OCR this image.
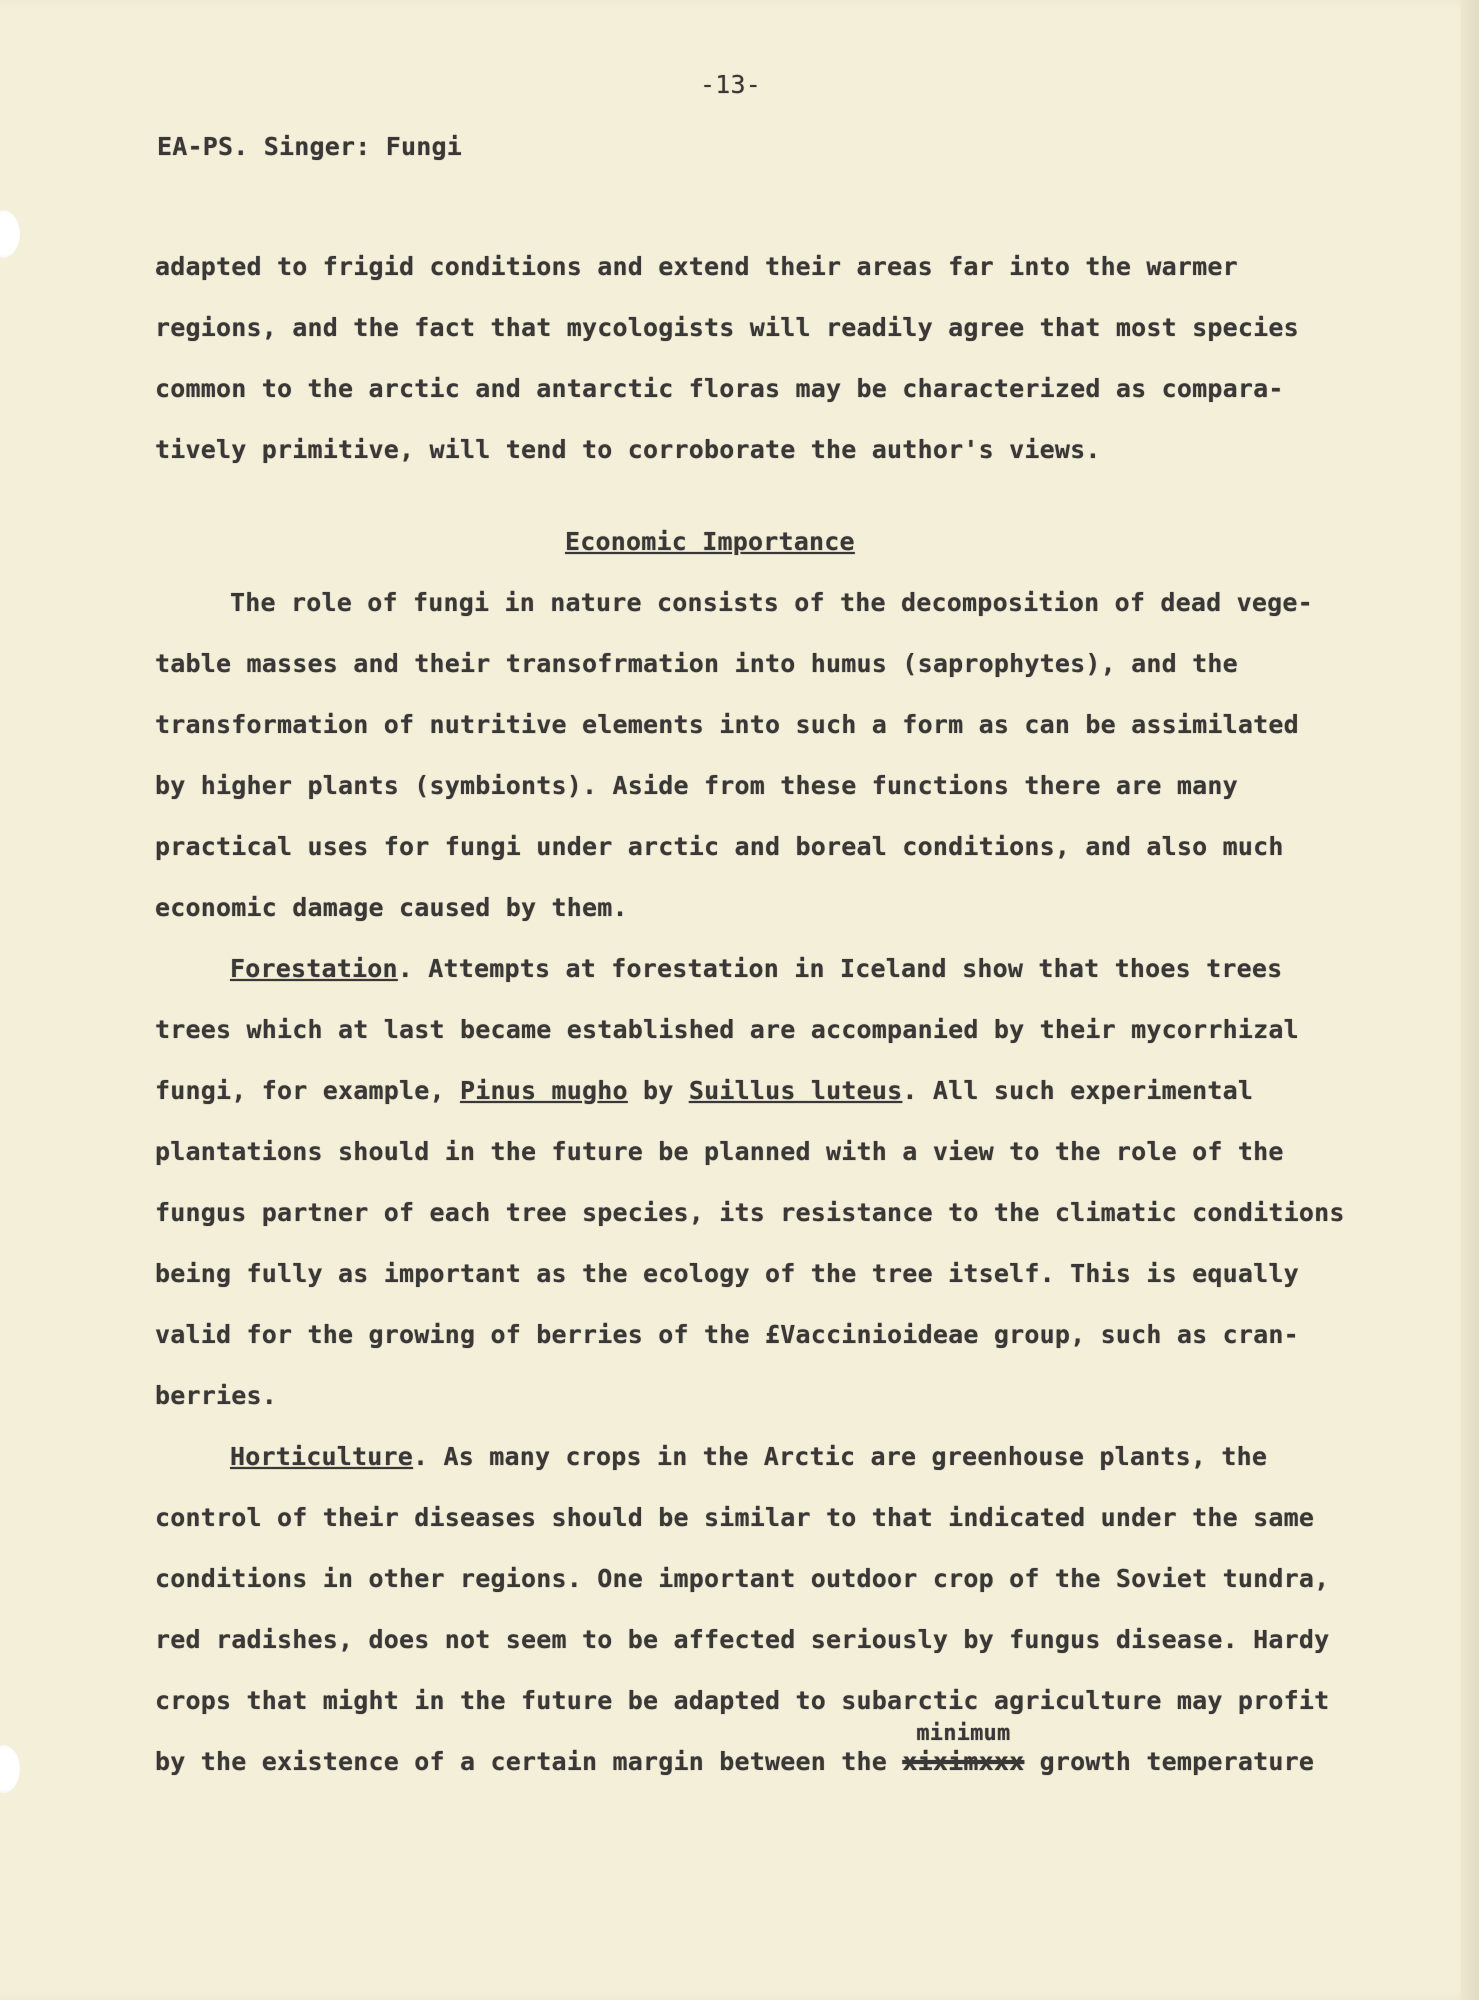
-13-
EA-PS. Singer: Fungi
adapted to frigid conditions and extend their areas far into the warmer
regions, and the fact that mycologists will readily agree that most species
common to the arctic and antarctic floras may be characterized as compara-
tively primitive, will tend to corroborate the author's views.
Economic Importance
The role of fungi in nature consists of the decomposition of dead vege-
table masses and their transofrmation into humus (saprophytes), and the
transformation of nutritive elements into such a form as can be assimilated
by higher plants (symbionts). Aside from these functions there are many
practical uses for fungi under arctic and boreal conditions, and also much
economic damage caused by them.
Forestation. Attempts at forestation in Iceland show that thoes trees
trees which at last became established are accompanied by their mycorrhizal
fungi, for example, Pinus mugho by Suillus luteus. All such experimental
plantations should in the future be planned with a view to the role of the
fungus partner of each tree species, its resistance to the climatic conditions
being fully as important as the ecology of the tree itself. This is equally
valid for the growing of berries of the £Vaccinioideae group, such as cran-
berries.
Horticulture. As many crops in the Arctic are greenhouse plants, the
control of their diseases should be similar to that indicated under the same
conditions in other regions. One important outdoor crop of the Soviet tundra,
red radishes, does not seem to be affected seriously by fungus disease. Hardy
crops that might in the future be adapted to subarctic agriculture may profit
by the existence of a certain margin between the
minimum
xiximxxx growth temperature
